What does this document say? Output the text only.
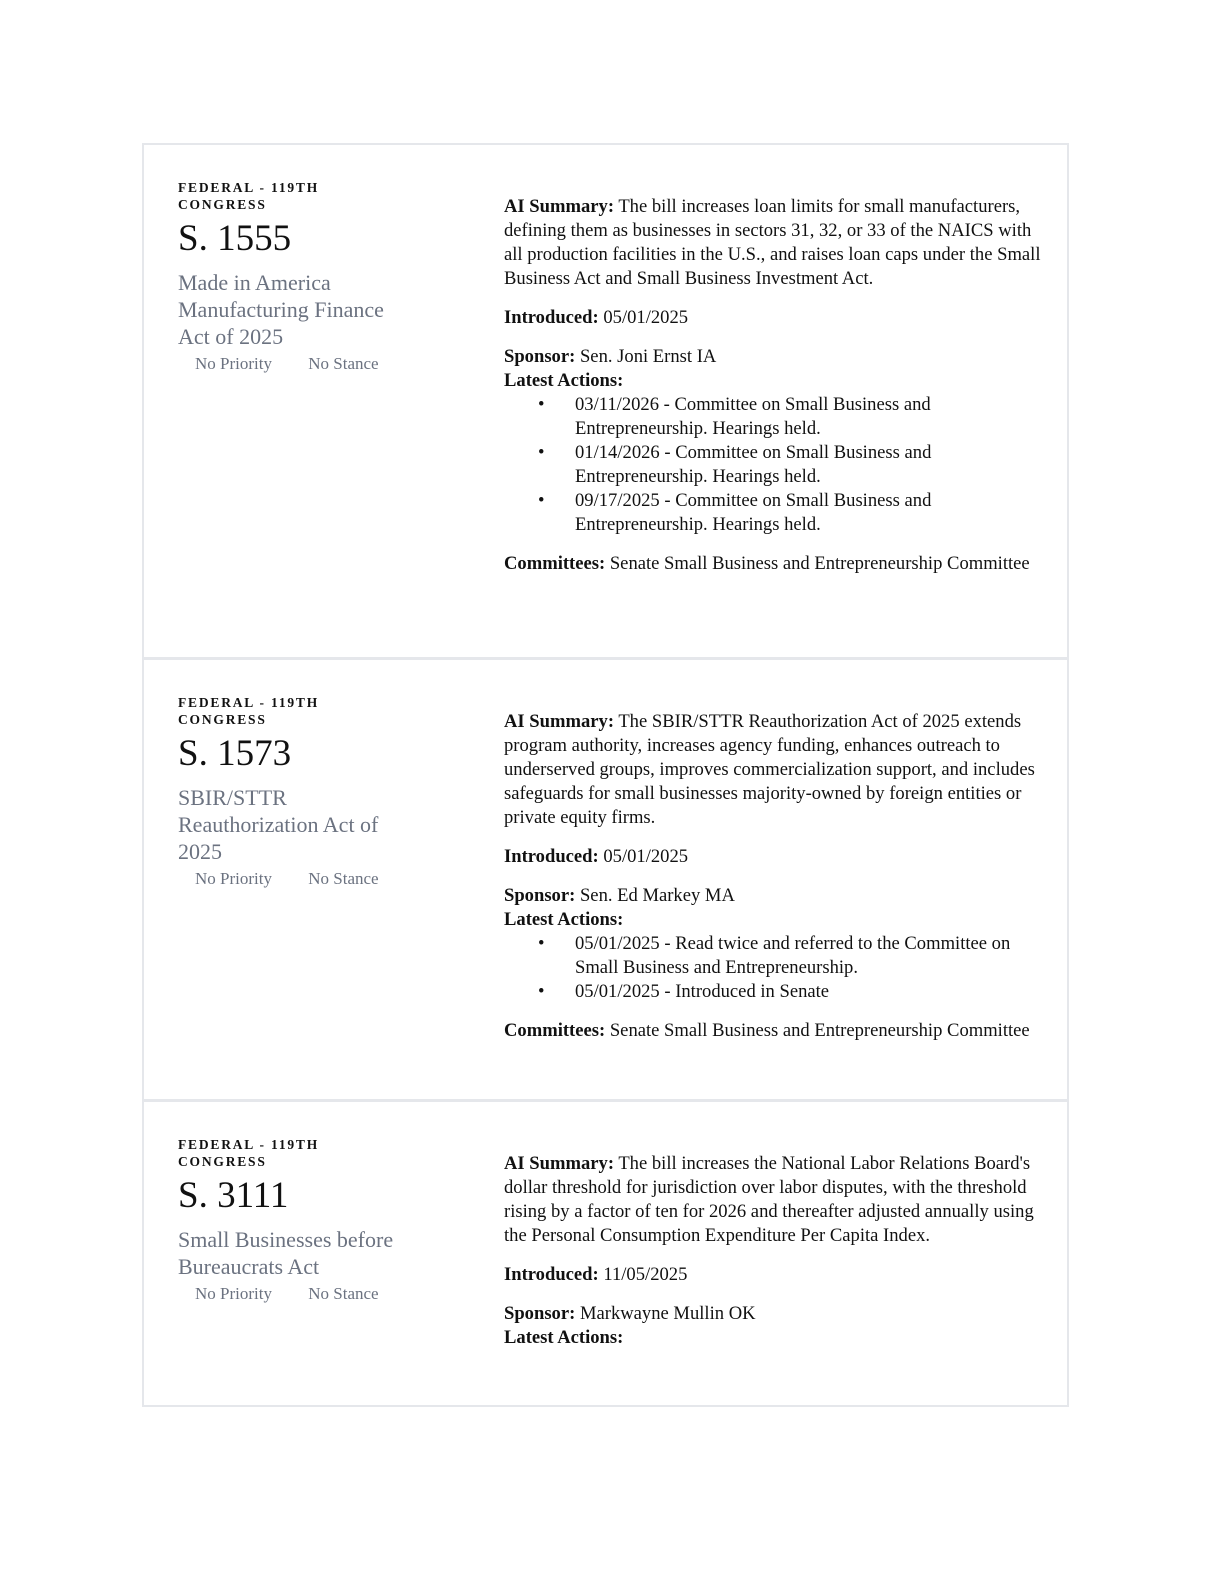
FEDERAL - 119TH CONGRESS
S. 1555
Made in America Manufacturing Finance Act of 2025
No Priority No Stance

AI Summary: The bill increases loan limits for small manufacturers, defining them as businesses in sectors 31, 32, or 33 of the NAICS with all production facilities in the U.S., and raises loan caps under the Small Business Act and Small Business Investment Act.

Introduced: 05/01/2025

Sponsor: Sen. Joni Ernst IA

Latest Actions:

• 03/11/2026 - Committee on Small Business and Entrepreneurship. Hearings held.
• 01/14/2026 - Committee on Small Business and Entrepreneurship. Hearings held.
• 09/17/2025 - Committee on Small Business and Entrepreneurship. Hearings held.

Committees: Senate Small Business and Entrepreneurship Committee

FEDERAL - 119TH CONGRESS
S. 1573
SBIR/STTR Reauthorization Act of 2025
No Priority No Stance

AI Summary: The SBIR/STTR Reauthorization Act of 2025 extends program authority, increases agency funding, enhances outreach to underserved groups, improves commercialization support, and includes safeguards for small businesses majority-owned by foreign entities or private equity firms.

Introduced: 05/01/2025

Sponsor: Sen. Ed Markey MA

Latest Actions:

• 05/01/2025 - Read twice and referred to the Committee on Small Business and Entrepreneurship.
• 05/01/2025 - Introduced in Senate

Committees: Senate Small Business and Entrepreneurship Committee

FEDERAL - 119TH CONGRESS
S. 3111
Small Businesses before Bureaucrats Act
No Priority No Stance

AI Summary: The bill increases the National Labor Relations Board's dollar threshold for jurisdiction over labor disputes, with the threshold rising by a factor of ten for 2026 and thereafter adjusted annually using the Personal Consumption Expenditure Per Capita Index.

Introduced: 11/05/2025

Sponsor: Markwayne Mullin OK

Latest Actions:
